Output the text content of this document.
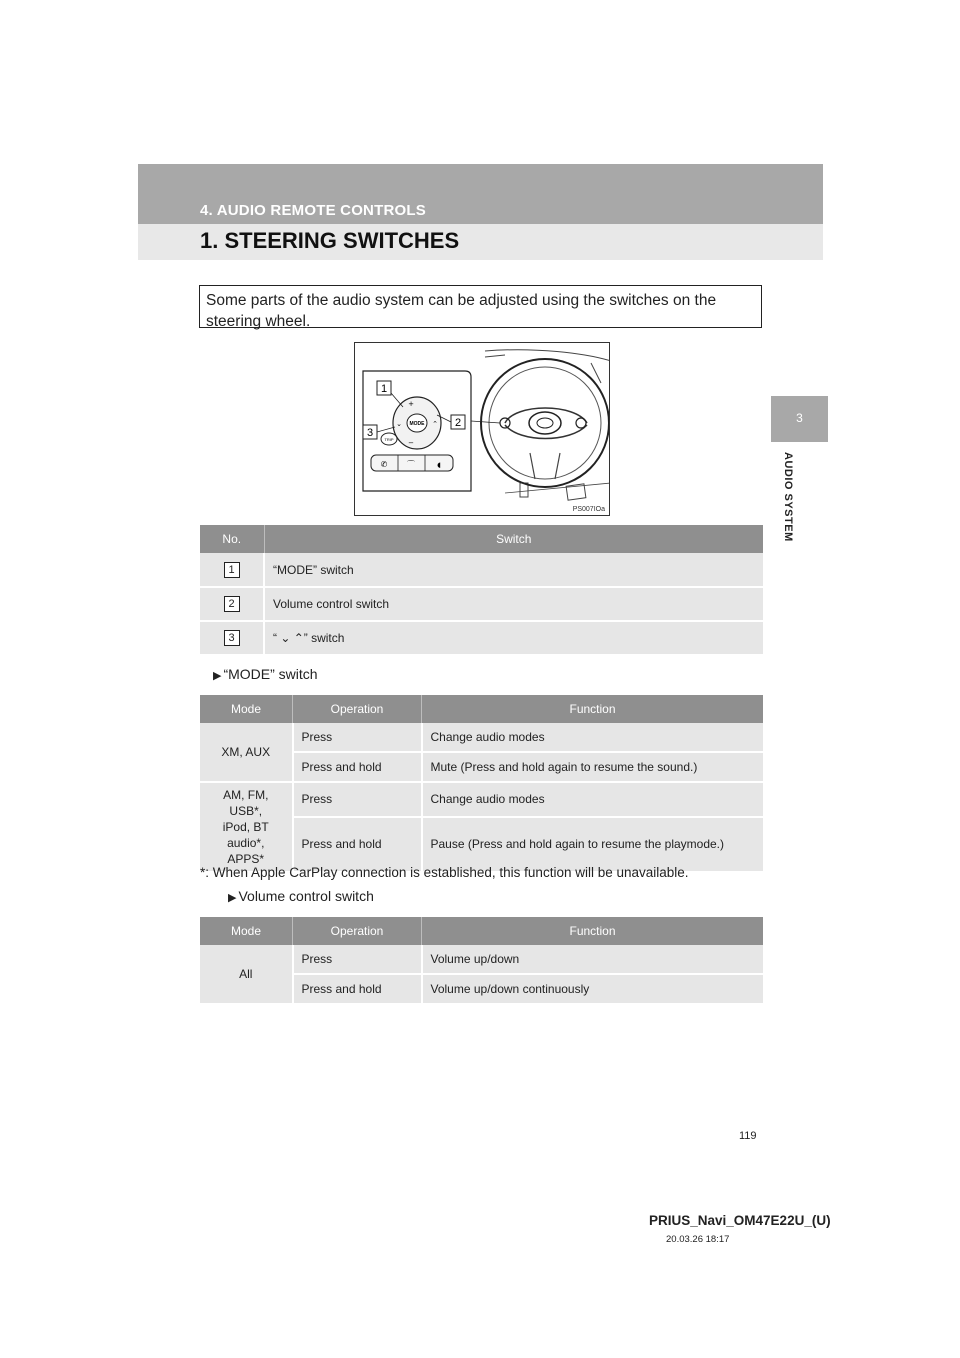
4. AUDIO REMOTE CONTROLS
1. STEERING SWITCHES
3
AUDIO SYSTEM
Some parts of the audio system can be adjusted using the switches on the steering wheel.
MODE
+
−
⌄	⌃
TRIP
✆ ⌒	◖
1
2
3
PS007IOa
No.	Switch
1	“MODE” switch
2	Volume control switch
3	“ ⌄ ⌃” switch
▶ “MODE” switch
Mode	Operation	Function
XM, AUX	Press	Change audio modes
	Press and hold	Mute (Press and hold again to resume the sound.)
AM, FM, USB*, iPod, BT audio*, APPS*	Press	Change audio modes
	Press and hold	Pause (Press and hold again to resume the playmode.)
*: When Apple CarPlay connection is established, this function will be unavailable.
▶ Volume control switch
Mode	Operation	Function
All	Press	Volume up/down
	Press and hold	Volume up/down continuously
119
PRIUS_Navi_OM47E22U_(U)
20.03.26 18:17
